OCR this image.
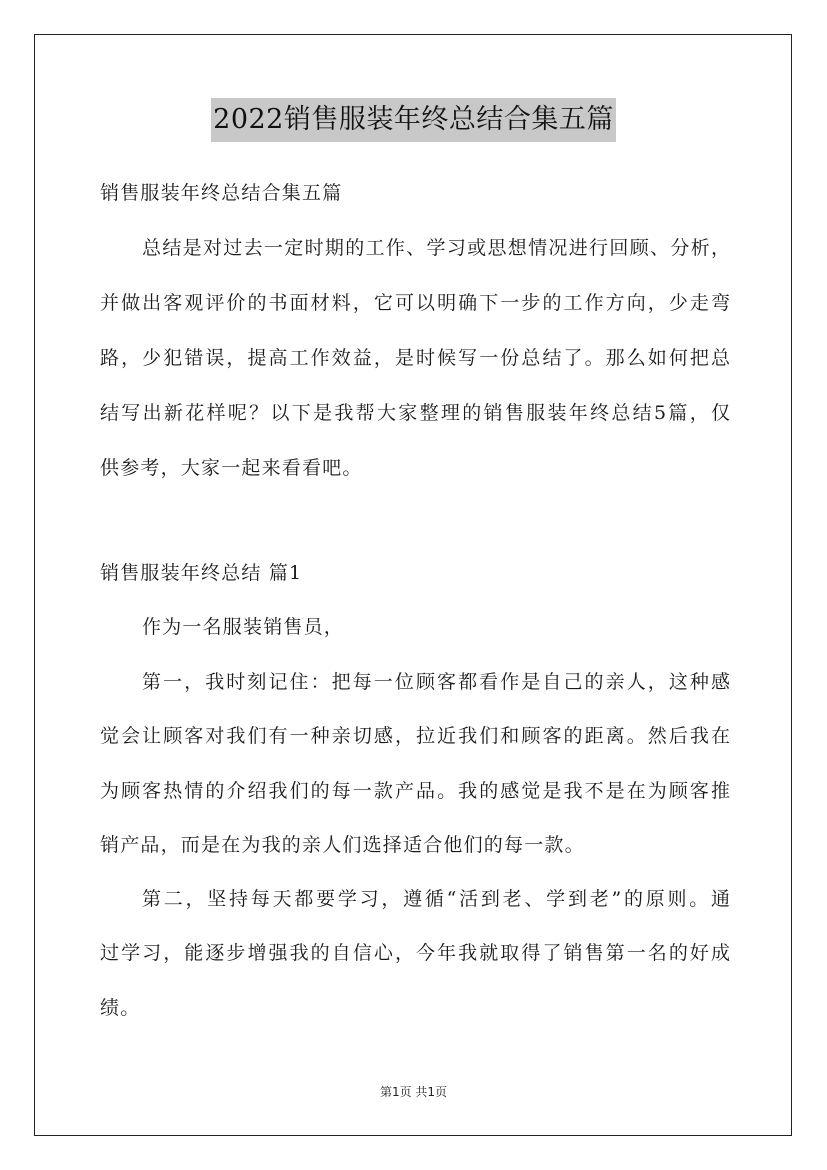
2022销售服装年终总结合集五篇
销售服装年终总结合集五篇
总结是对过去一定时期的工作、学习或思想情况进行回顾、分析，
并做出客观评价的书面材料，它可以明确下一步的工作方向，少走弯
路，少犯错误，提高工作效益，是时候写一份总结了。那么如何把总
结写出新花样呢？以下是我帮大家整理的销售服装年终总结5篇，仅
供参考，大家一起来看看吧。
销售服装年终总结 篇1
作为一名服装销售员，
第一，我时刻记住：把每一位顾客都看作是自己的亲人，这种感
觉会让顾客对我们有一种亲切感，拉近我们和顾客的距离。然后我在
为顾客热情的介绍我们的每一款产品。我的感觉是我不是在为顾客推
销产品，而是在为我的亲人们选择适合他们的每一款。
第二，坚持每天都要学习，遵循“活到老、学到老”的原则。通
过学习，能逐步增强我的自信心，今年我就取得了销售第一名的好成
绩。
第1页 共1页
